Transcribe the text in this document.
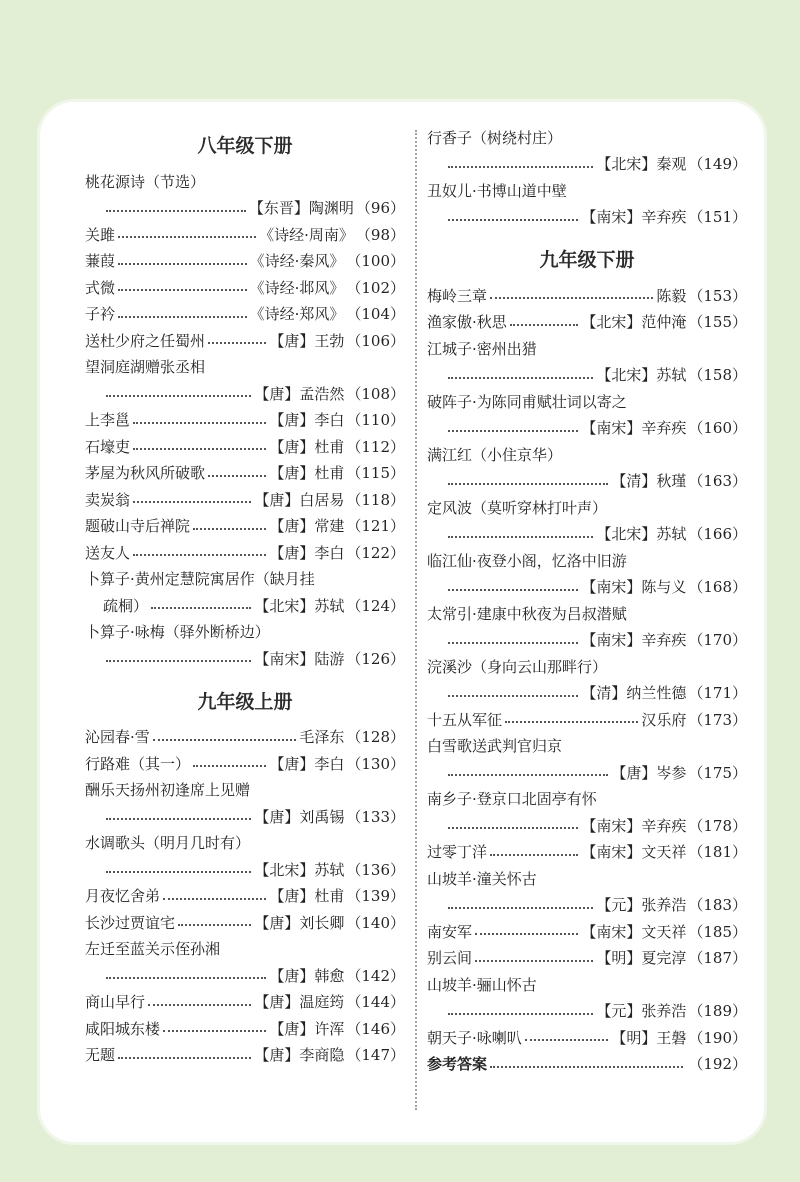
八年级下册
桃花源诗（节选）
【东晋】陶渊明 （96）
关雎	《诗经·周南》 （98）
蒹葭	《诗经·秦风》 （100）
式微	《诗经·邶风》 （102）
子衿	《诗经·郑风》 （104）
送杜少府之任蜀州	【唐】王勃 （106）
望洞庭湖赠张丞相
【唐】孟浩然 （108）
上李邕	【唐】李白 （110）
石壕吏	【唐】杜甫 （112）
茅屋为秋风所破歌	【唐】杜甫 （115）
卖炭翁	【唐】白居易 （118）
题破山寺后禅院	【唐】常建 （121）
送友人	【唐】李白 （122）
卜算子·黄州定慧院寓居作（缺月挂
疏桐）	【北宋】苏轼 （124）
卜算子·咏梅（驿外断桥边）
【南宋】陆游 （126）
九年级上册
沁园春·雪	毛泽东 （128）
行路难（其一）	【唐】李白 （130）
酬乐天扬州初逢席上见赠
【唐】刘禹锡 （133）
水调歌头（明月几时有）
【北宋】苏轼 （136）
月夜忆舍弟	【唐】杜甫 （139）
长沙过贾谊宅	【唐】刘长卿 （140）
左迁至蓝关示侄孙湘
【唐】韩愈 （142）
商山早行	【唐】温庭筠 （144）
咸阳城东楼	【唐】许浑 （146）
无题	【唐】李商隐 （147）
行香子（树绕村庄）
【北宋】秦观 （149）
丑奴儿·书博山道中壁
【南宋】辛弃疾 （151）
九年级下册
梅岭三章	陈毅 （153）
渔家傲·秋思	【北宋】范仲淹 （155）
江城子·密州出猎
【北宋】苏轼 （158）
破阵子·为陈同甫赋壮词以寄之
【南宋】辛弃疾 （160）
满江红（小住京华）
【清】秋瑾 （163）
定风波（莫听穿林打叶声）
【北宋】苏轼 （166）
临江仙·夜登小阁，忆洛中旧游
【南宋】陈与义 （168）
太常引·建康中秋夜为吕叔潜赋
【南宋】辛弃疾 （170）
浣溪沙（身向云山那畔行）
【清】纳兰性德 （171）
十五从军征	汉乐府 （173）
白雪歌送武判官归京
【唐】岑参 （175）
南乡子·登京口北固亭有怀
【南宋】辛弃疾 （178）
过零丁洋	【南宋】文天祥 （181）
山坡羊·潼关怀古
【元】张养浩 （183）
南安军	【南宋】文天祥 （185）
别云间	【明】夏完淳 （187）
山坡羊·骊山怀古
【元】张养浩 （189）
朝天子·咏喇叭	【明】王磐 （190）
参考答案	（192）
